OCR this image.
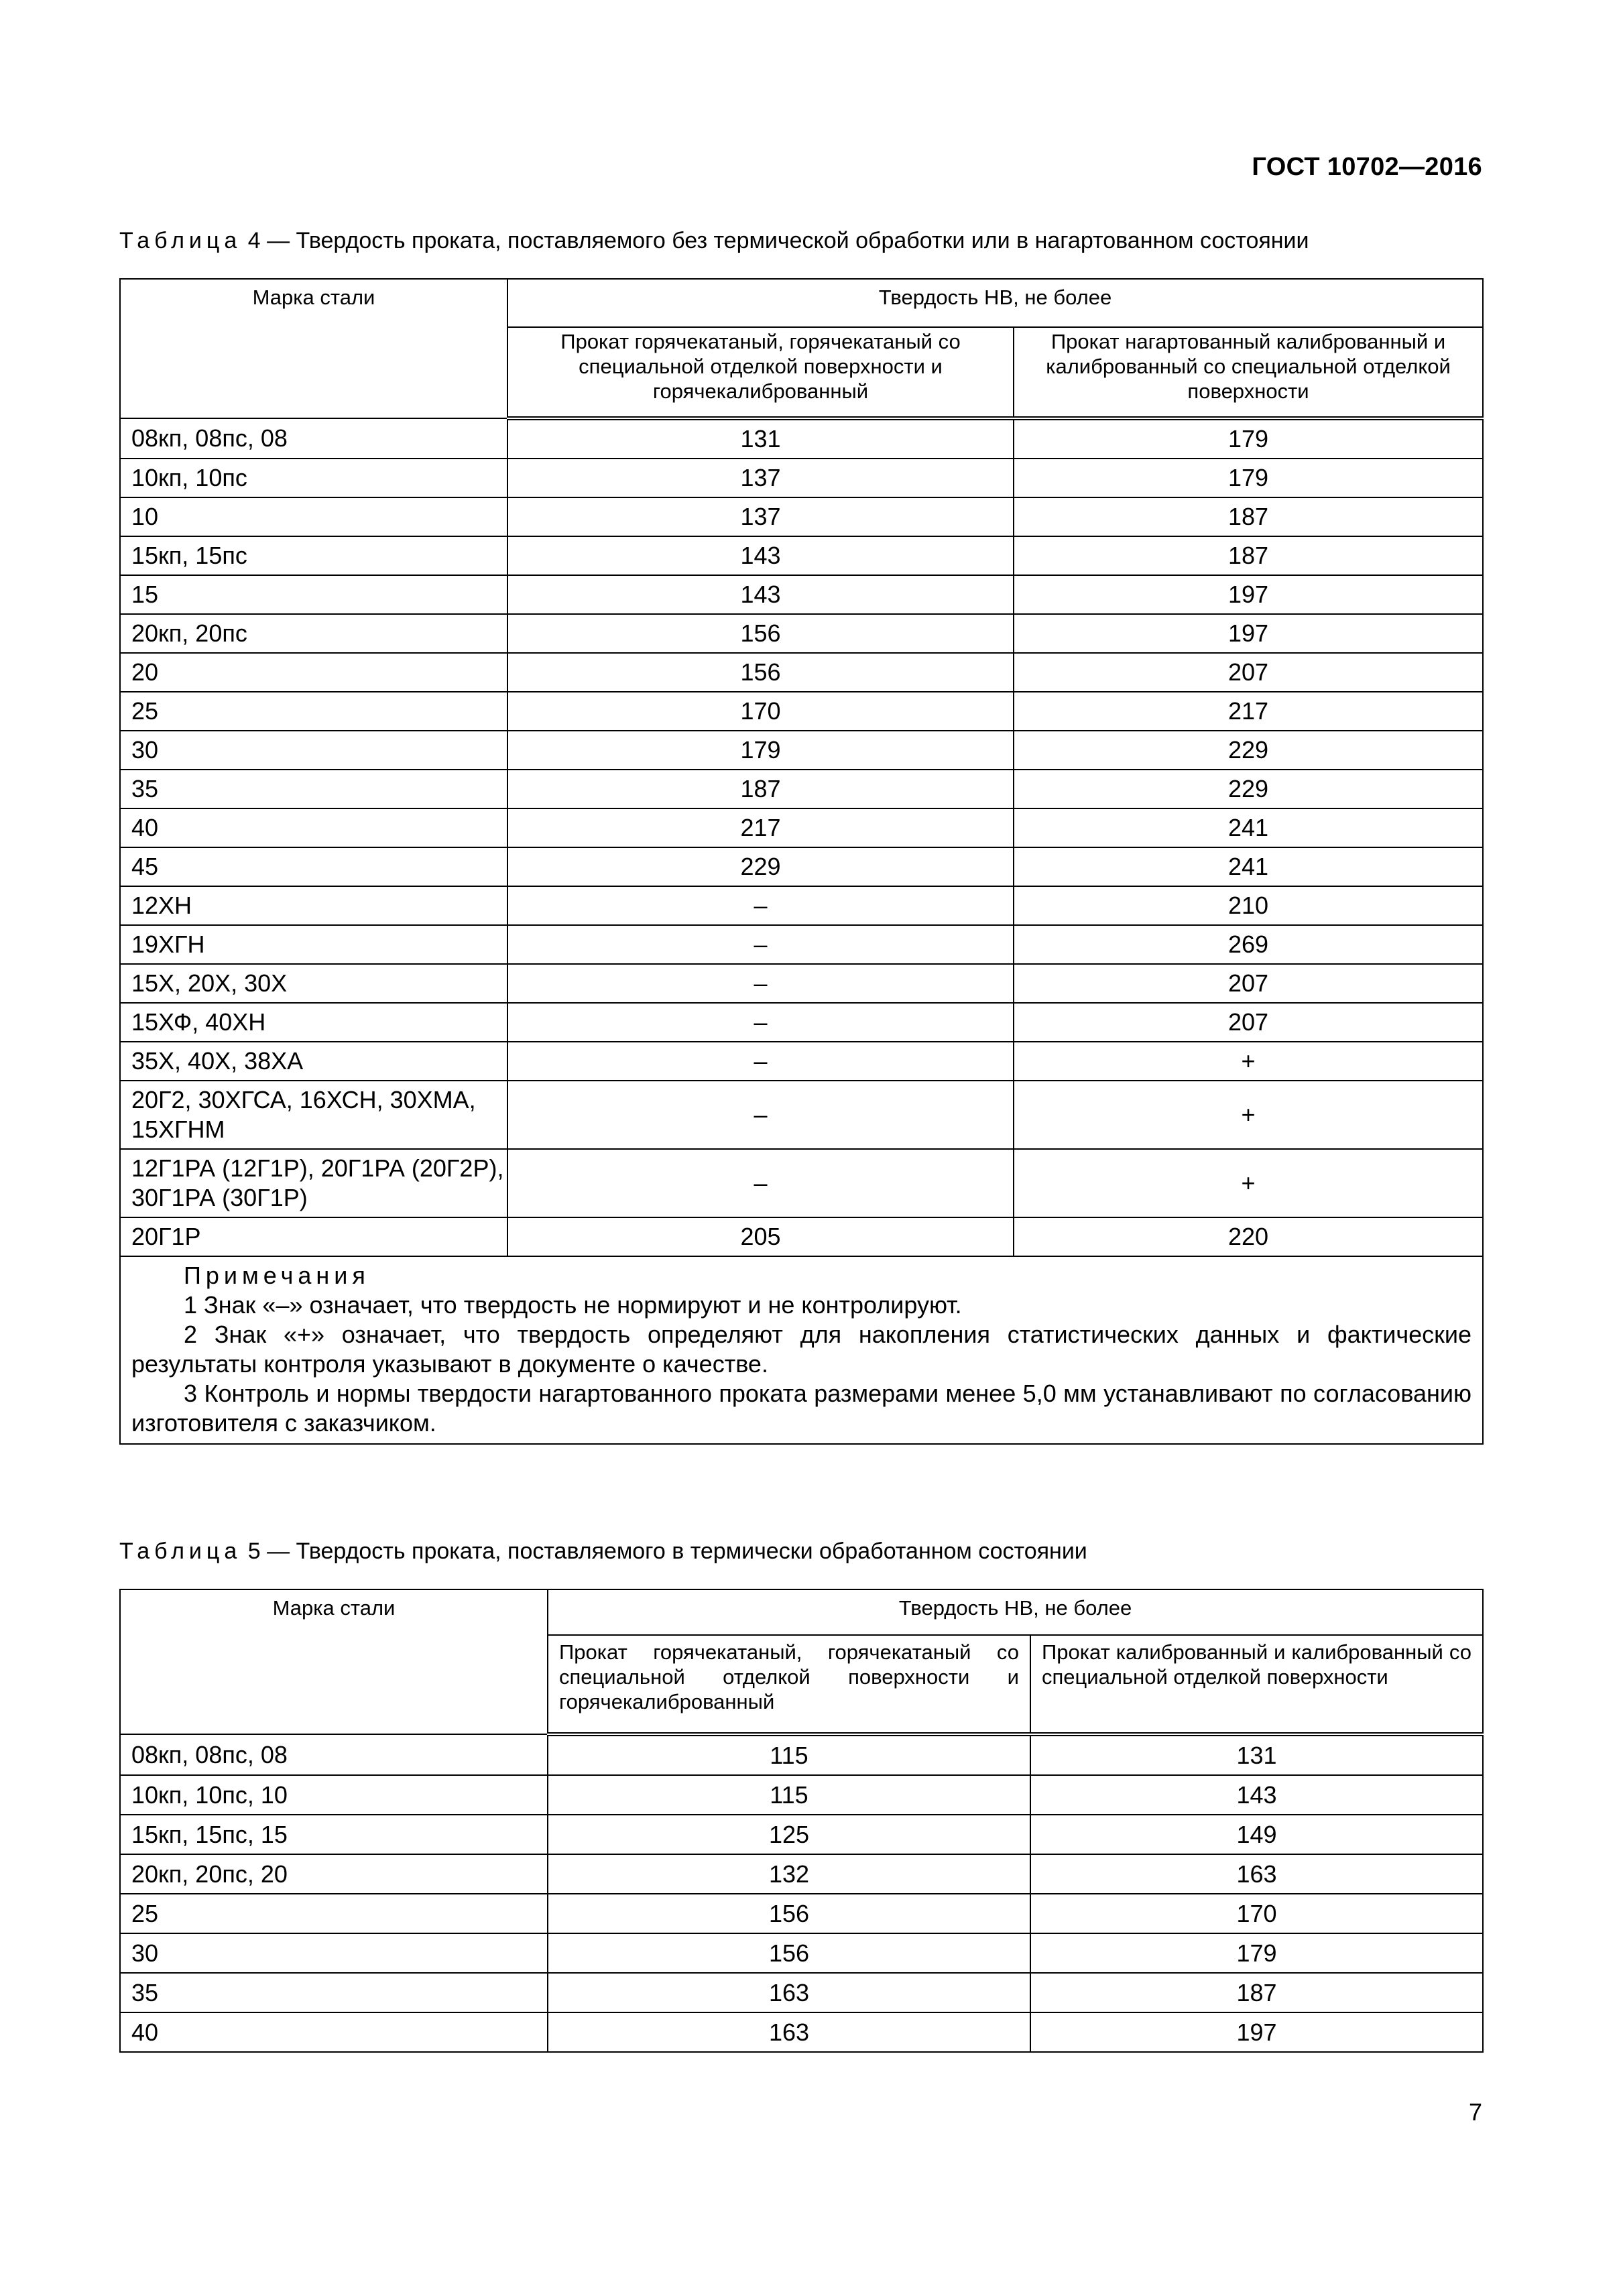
ГОСТ 10702—2016
Таблица 4 — Твердость проката, поставляемого без термической обработки или в нагартованном состоянии
Марка стали	Твердость НВ, не более	
	Прокат горячекатаный, горячекатаный со специальной отделкой поверхности и горячекалиброванный	Прокат нагартованный калиброванный и калиброванный со специальной отделкой поверхности
08кп, 08пс, 08	131	179
10кп, 10пс	137	179
10	137	187
15кп, 15пс	143	187
15	143	197
20кп, 20пс	156	197
20	156	207
25	170	217
30	179	229
35	187	229
40	217	241
45	229	241
12ХН	–	210
19ХГН	–	269
15Х, 20Х, 30Х	–	207
15ХФ, 40ХН	–	207
35Х, 40Х, 38ХА	–	+
20Г2, 30ХГСА, 16ХСН, 30ХМА, 15ХГНМ	–	+
12Г1РА (12Г1Р), 20Г1РА (20Г2Р), 30Г1РА (30Г1Р)	–	+
20Г1Р	205	220

Примечания
1 Знак «–» означает, что твердость не нормируют и не контролируют.
2 Знак «+» означает, что твердость определяют для накопления статистических данных и фактические результаты контроля указывают в документе о качестве.
3 Контроль и нормы твердости нагартованного проката размерами менее 5,0 мм устанавливают по согласованию изготовителя с заказчиком.		
Таблица 5 — Твердость проката, поставляемого в термически обработанном состоянии
Марка стали	Твердость НВ, не более	
	Прокат горячекатаный, горячекатаный со специальной отделкой поверхности и горячекалиброванный	Прокат калиброванный и калиброванный со специальной отделкой поверхности
08кп, 08пс, 08	115	131
10кп, 10пс, 10	115	143
15кп, 15пс, 15	125	149
20кп, 20пс, 20	132	163
25	156	170
30	156	179
35	163	187
40	163	197
7
